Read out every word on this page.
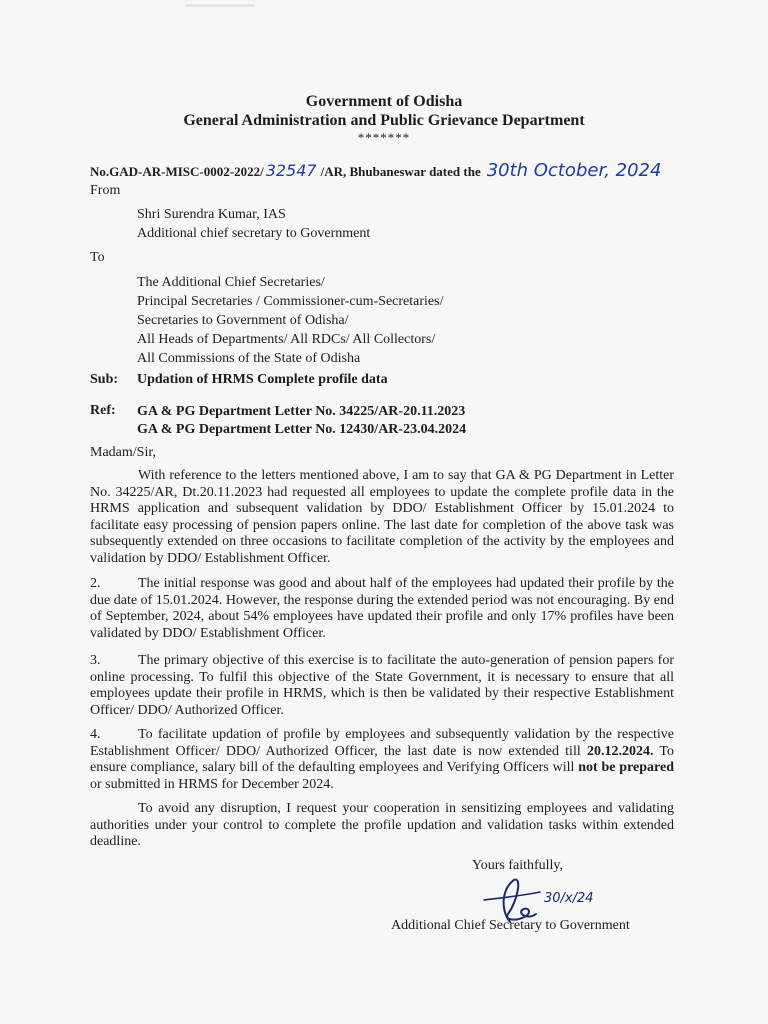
Government of Odisha
General Administration and Public Grievance Department
*******
No.GAD-AR-MISC-0002-2022/ 32547 /AR, Bhubaneswar dated the 30th October, 2024
From
Shri Surendra Kumar, IAS
Additional chief secretary to Government
To
The Additional Chief Secretaries/
Principal Secretaries / Commissioner-cum-Secretaries/
Secretaries to Government of Odisha/
All Heads of Departments/ All RDCs/ All Collectors/
All Commissions of the State of Odisha
Sub: Updation of HRMS Complete profile data
Ref: GA & PG Department Letter No. 34225/AR-20.11.2023
GA & PG Department Letter No. 12430/AR-23.04.2024
Madam/Sir,
With reference to the letters mentioned above, I am to say that GA & PG Department in Letter No. 34225/AR, Dt.20.11.2023 had requested all employees to update the complete profile data in the HRMS application and subsequent validation by DDO/ Establishment Officer by 15.01.2024 to facilitate easy processing of pension papers online. The last date for completion of the above task was subsequently extended on three occasions to facilitate completion of the activity by the employees and validation by DDO/ Establishment Officer.
2.	The initial response was good and about half of the employees had updated their profile by the due date of 15.01.2024. However, the response during the extended period was not encouraging. By end of September, 2024, about 54% employees have updated their profile and only 17% profiles have been validated by DDO/ Establishment Officer.
3.	The primary objective of this exercise is to facilitate the auto-generation of pension papers for online processing. To fulfil this objective of the State Government, it is necessary to ensure that all employees update their profile in HRMS, which is then be validated by their respective Establishment Officer/ DDO/ Authorized Officer.
4.	To facilitate updation of profile by employees and subsequently validation by the respective Establishment Officer/ DDO/ Authorized Officer, the last date is now extended till 20.12.2024. To ensure compliance, salary bill of the defaulting employees and Verifying Officers will not be prepared or submitted in HRMS for December 2024.
To avoid any disruption, I request your cooperation in sensitizing employees and validating authorities under your control to complete the profile updation and validation tasks within extended deadline.
Yours faithfully,
30/x/24
Additional Chief Secretary to Government
